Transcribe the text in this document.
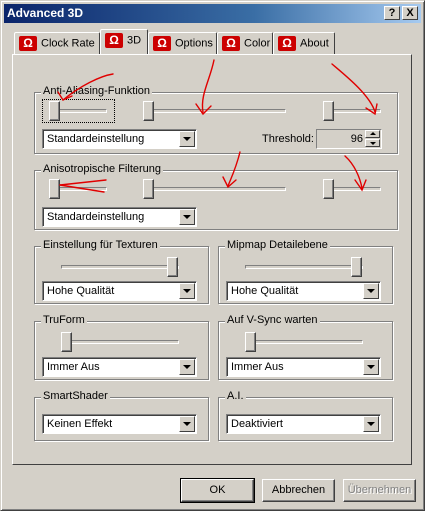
Advanced 3D	? X
Ω Clock Rate	Ω 3D	Ω Options	Ω Color Ω About
Anti-Aliasing-Funktion
Standardeinstellung	Threshold:	96
Anisotropische Filterung
Standardeinstellung
Einstellung für Texturen
Hohe Qualität
Mipmap Detailebene
Hohe Qualität
TruForm
Immer Aus
Auf V-Sync warten
Immer Aus
SmartShader
Keinen Effekt
A.I.
Deaktiviert
OK	Abbrechen	Übernehmen
